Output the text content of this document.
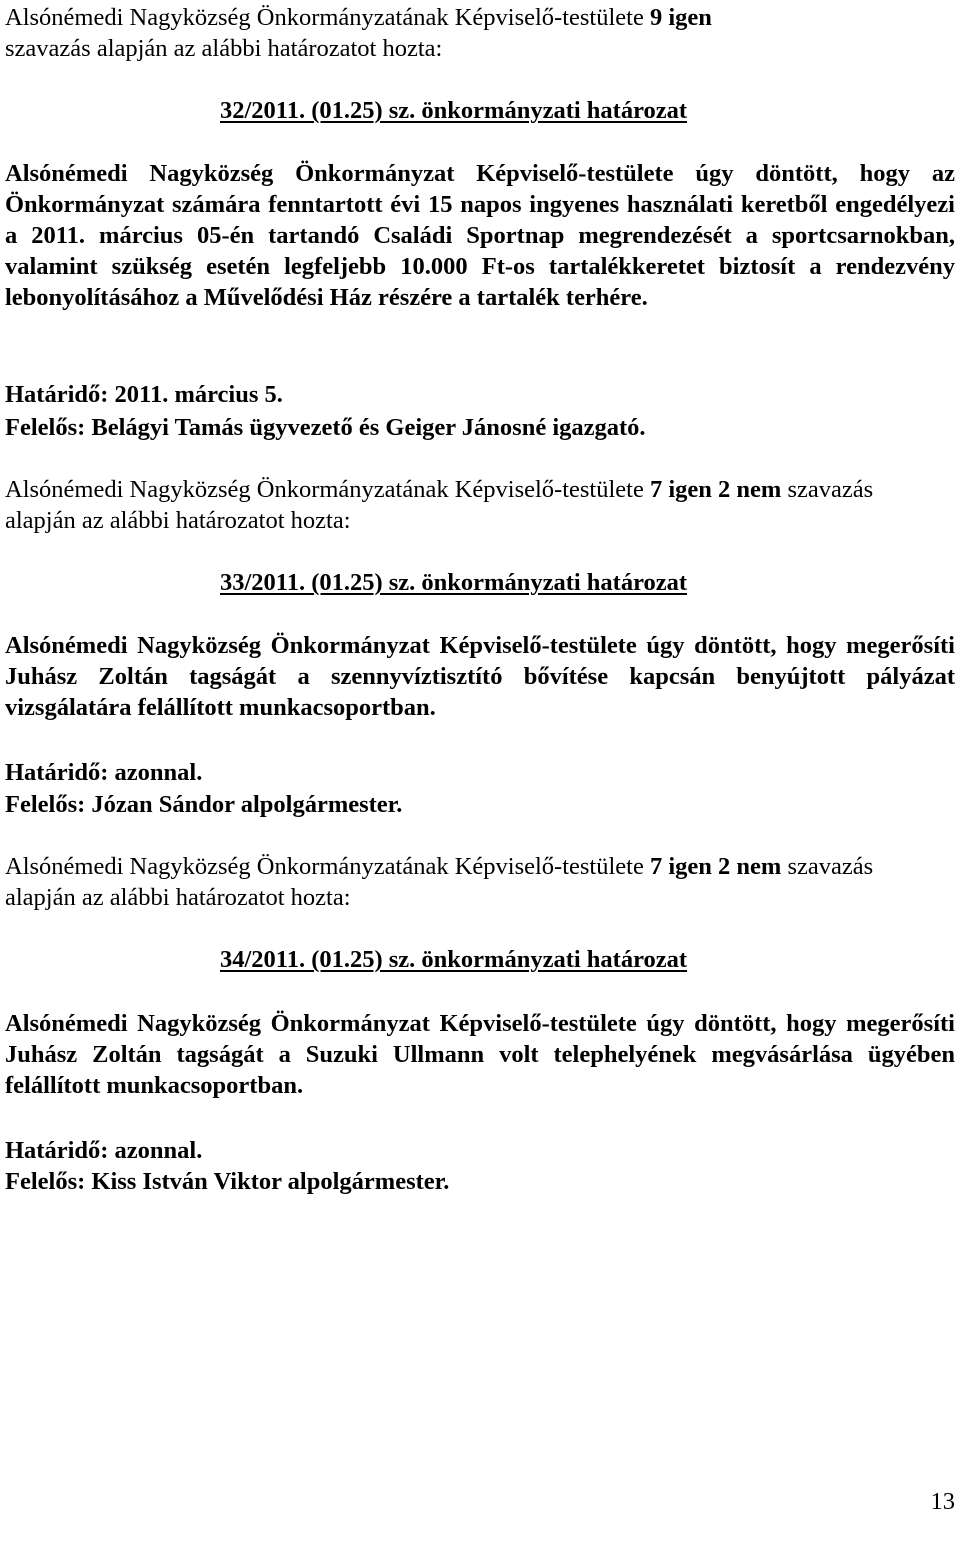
Alsónémedi Nagyközség Önkormányzatának Képviselő-testülete 9 igen szavazás alapján az alábbi határozatot hozta:

32/2011. (01.25) sz. önkormányzati határozat

Alsónémedi Nagyközség Önkormányzat Képviselő-testülete úgy döntött, hogy az Önkormányzat számára fenntartott évi 15 napos ingyenes használati keretből engedélyezi a 2011. március 05-én tartandó Családi Sportnap megrendezését a sportcsarnokban, valamint szükség esetén legfeljebb 10.000 Ft-os tartalékkeretet biztosít a rendezvény lebonyolításához a Művelődési Ház részére a tartalék terhére.

Határidő: 2011. március 5.

Felelős: Belágyi Tamás ügyvezető és Geiger Jánosné igazgató.

Alsónémedi Nagyközség Önkormányzatának Képviselő-testülete 7 igen 2 nem szavazás alapján az alábbi határozatot hozta:

33/2011. (01.25) sz. önkormányzati határozat

Alsónémedi Nagyközség Önkormányzat Képviselő-testülete úgy döntött, hogy megerősíti Juhász Zoltán tagságát a szennyvíztisztító bővítése kapcsán benyújtott pályázat vizsgálatára felállított munkacsoportban.

Határidő: azonnal.

Felelős: Józan Sándor alpolgármester.

Alsónémedi Nagyközség Önkormányzatának Képviselő-testülete 7 igen 2 nem szavazás alapján az alábbi határozatot hozta:

34/2011. (01.25) sz. önkormányzati határozat

Alsónémedi Nagyközség Önkormányzat Képviselő-testülete úgy döntött, hogy megerősíti Juhász Zoltán tagságát a Suzuki Ullmann volt telephelyének megvásárlása ügyében felállított munkacsoportban.

Határidő: azonnal.

Felelős: Kiss István Viktor alpolgármester.

13
